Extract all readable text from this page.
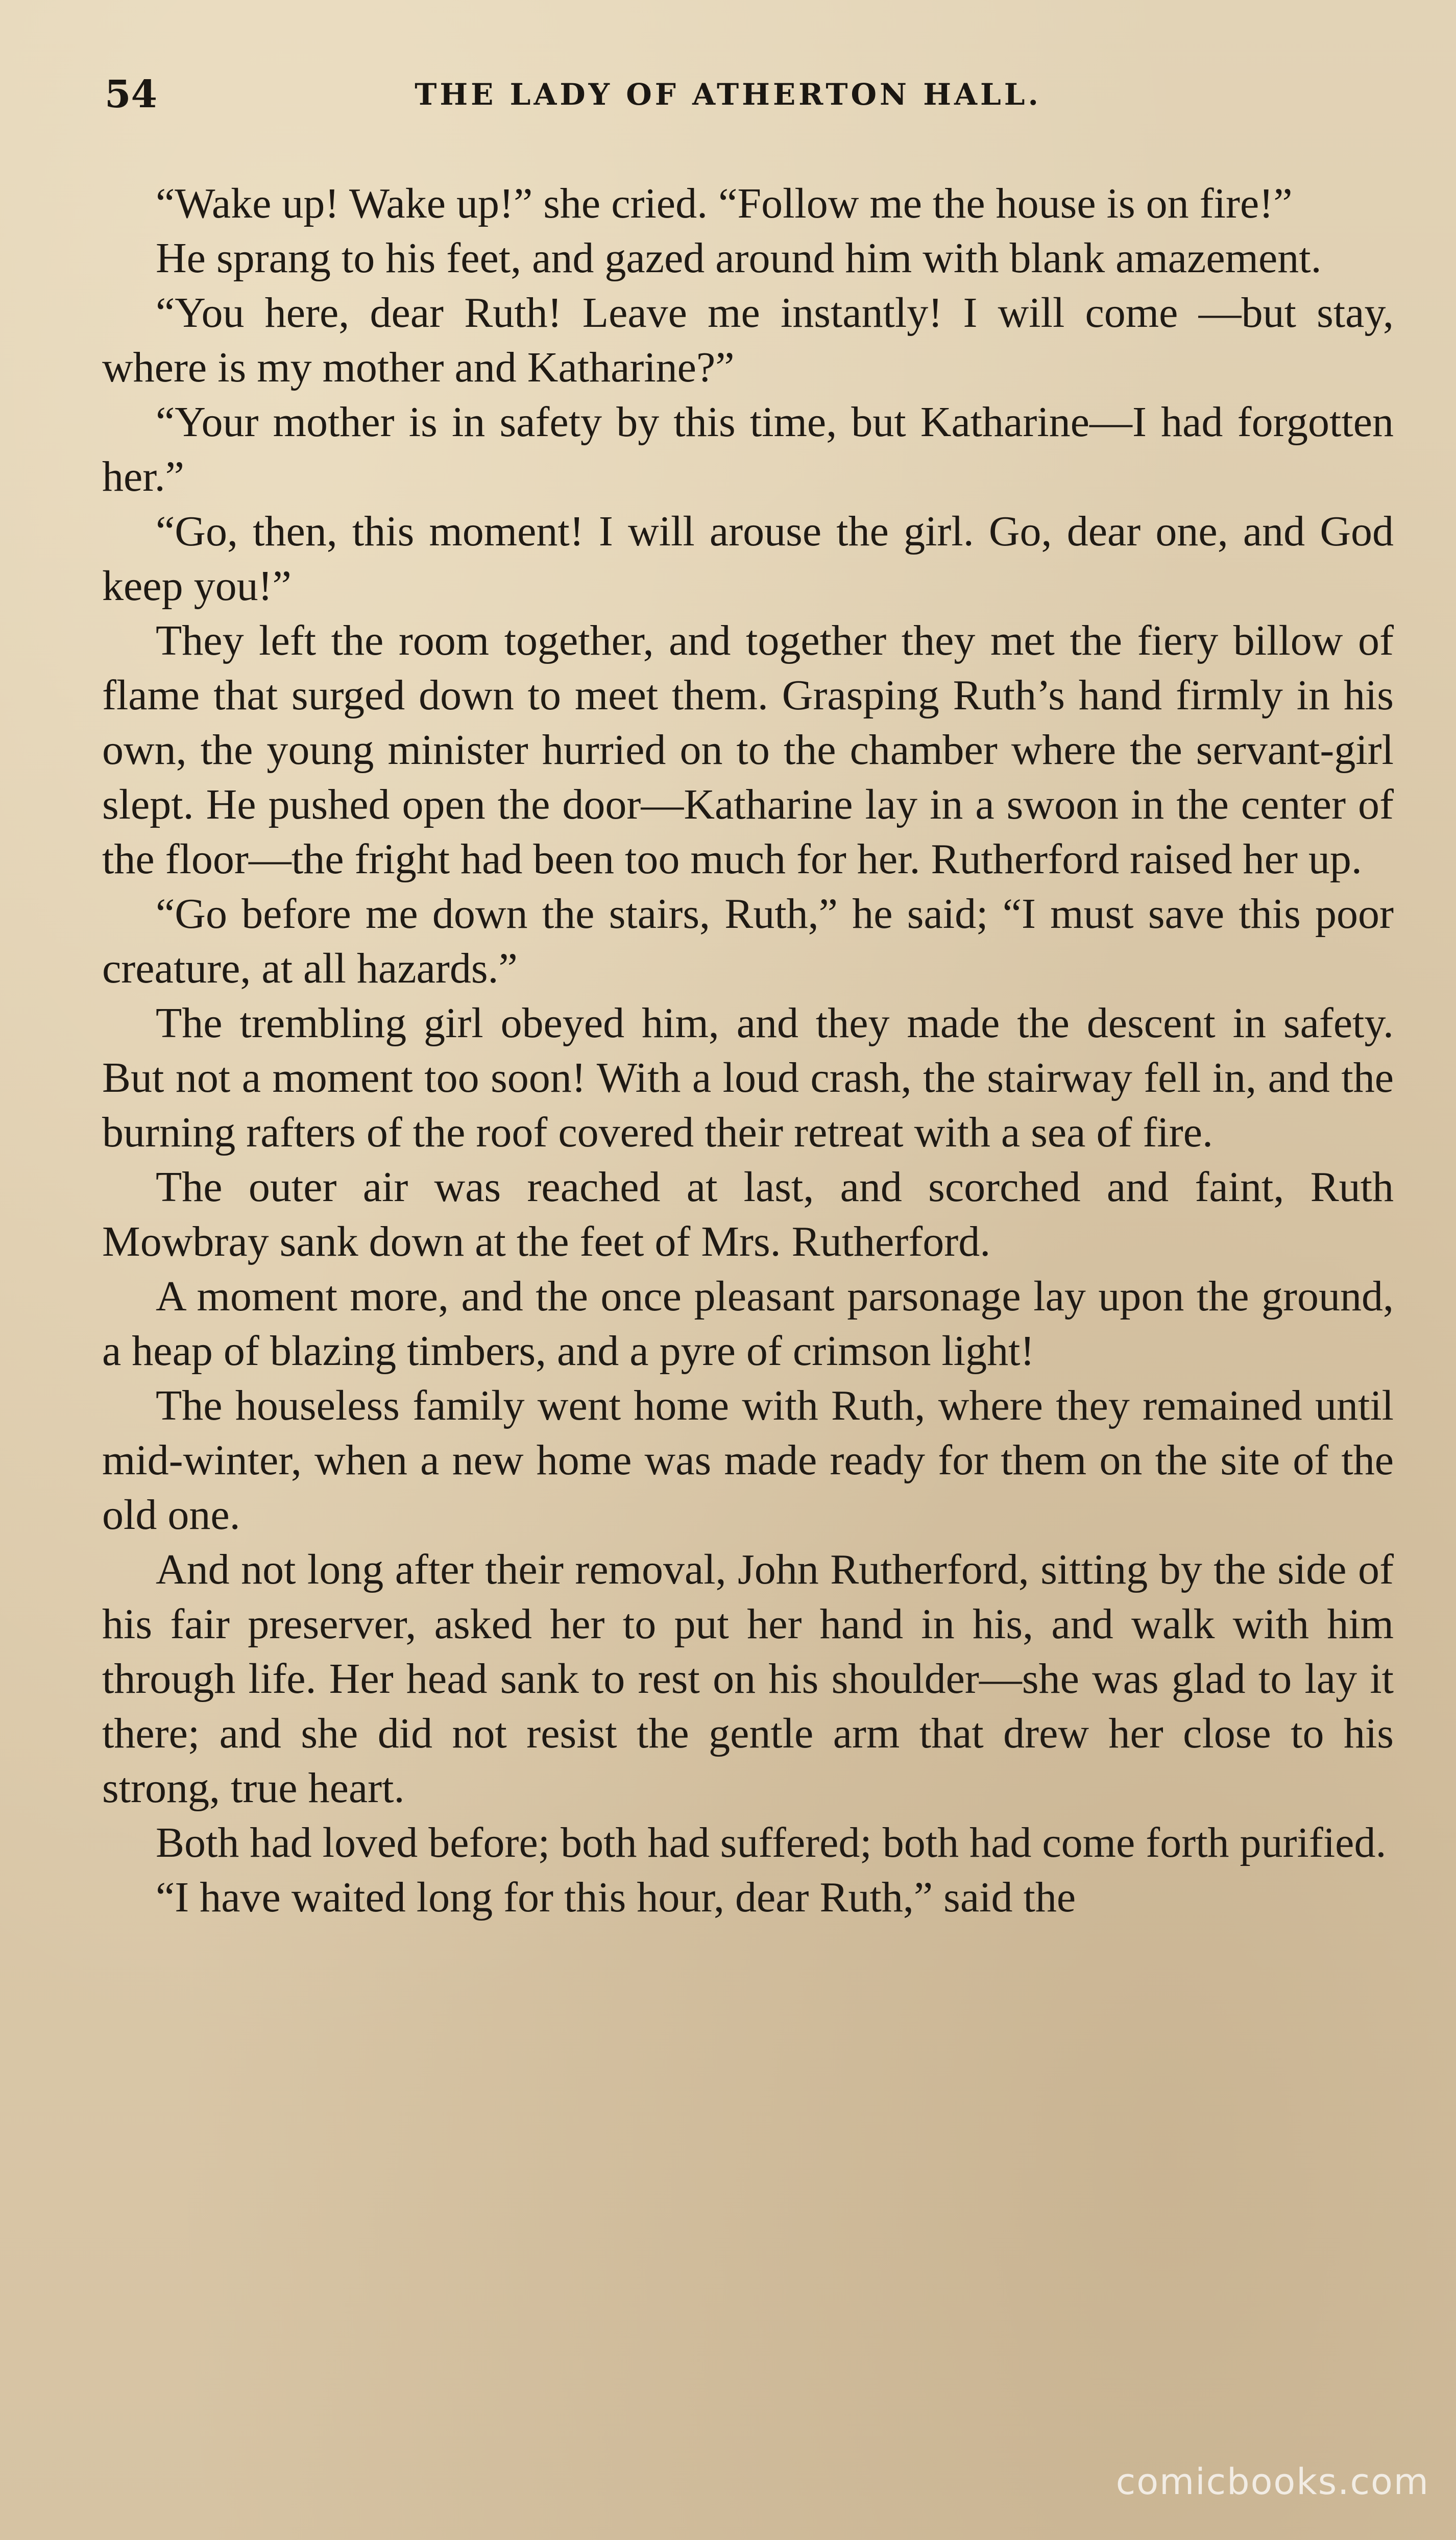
54	THE LADY OF ATHERTON HALL.

“Wake up! Wake up!” she cried. “Follow me the house is on fire!”

He sprang to his feet, and gazed around him with blank amazement.

“You here, dear Ruth! Leave me instantly! I will come —but stay, where is my mother and Katharine?”

“Your mother is in safety by this time, but Katharine—I had forgotten her.”

“Go, then, this moment! I will arouse the girl. Go, dear one, and God keep you!”

They left the room together, and together they met the fiery billow of flame that surged down to meet them. Grasping Ruth’s hand firmly in his own, the young minister hurried on to the chamber where the servant-girl slept. He pushed open the door—Katharine lay in a swoon in the center of the floor—the fright had been too much for her. Rutherford raised her up.

“Go before me down the stairs, Ruth,” he said; “I must save this poor creature, at all hazards.”

The trembling girl obeyed him, and they made the descent in safety. But not a moment too soon! With a loud crash, the stairway fell in, and the burning rafters of the roof covered their retreat with a sea of fire.

The outer air was reached at last, and scorched and faint, Ruth Mowbray sank down at the feet of Mrs. Rutherford.

A moment more, and the once pleasant parsonage lay upon the ground, a heap of blazing timbers, and a pyre of crimson light!

The houseless family went home with Ruth, where they remained until mid-winter, when a new home was made ready for them on the site of the old one.

And not long after their removal, John Rutherford, sitting by the side of his fair preserver, asked her to put her hand in his, and walk with him through life. Her head sank to rest on his shoulder—she was glad to lay it there; and she did not resist the gentle arm that drew her close to his strong, true heart.

Both had loved before; both had suffered; both had come forth purified.

“I have waited long for this hour, dear Ruth,” said the

comicbooks.com
